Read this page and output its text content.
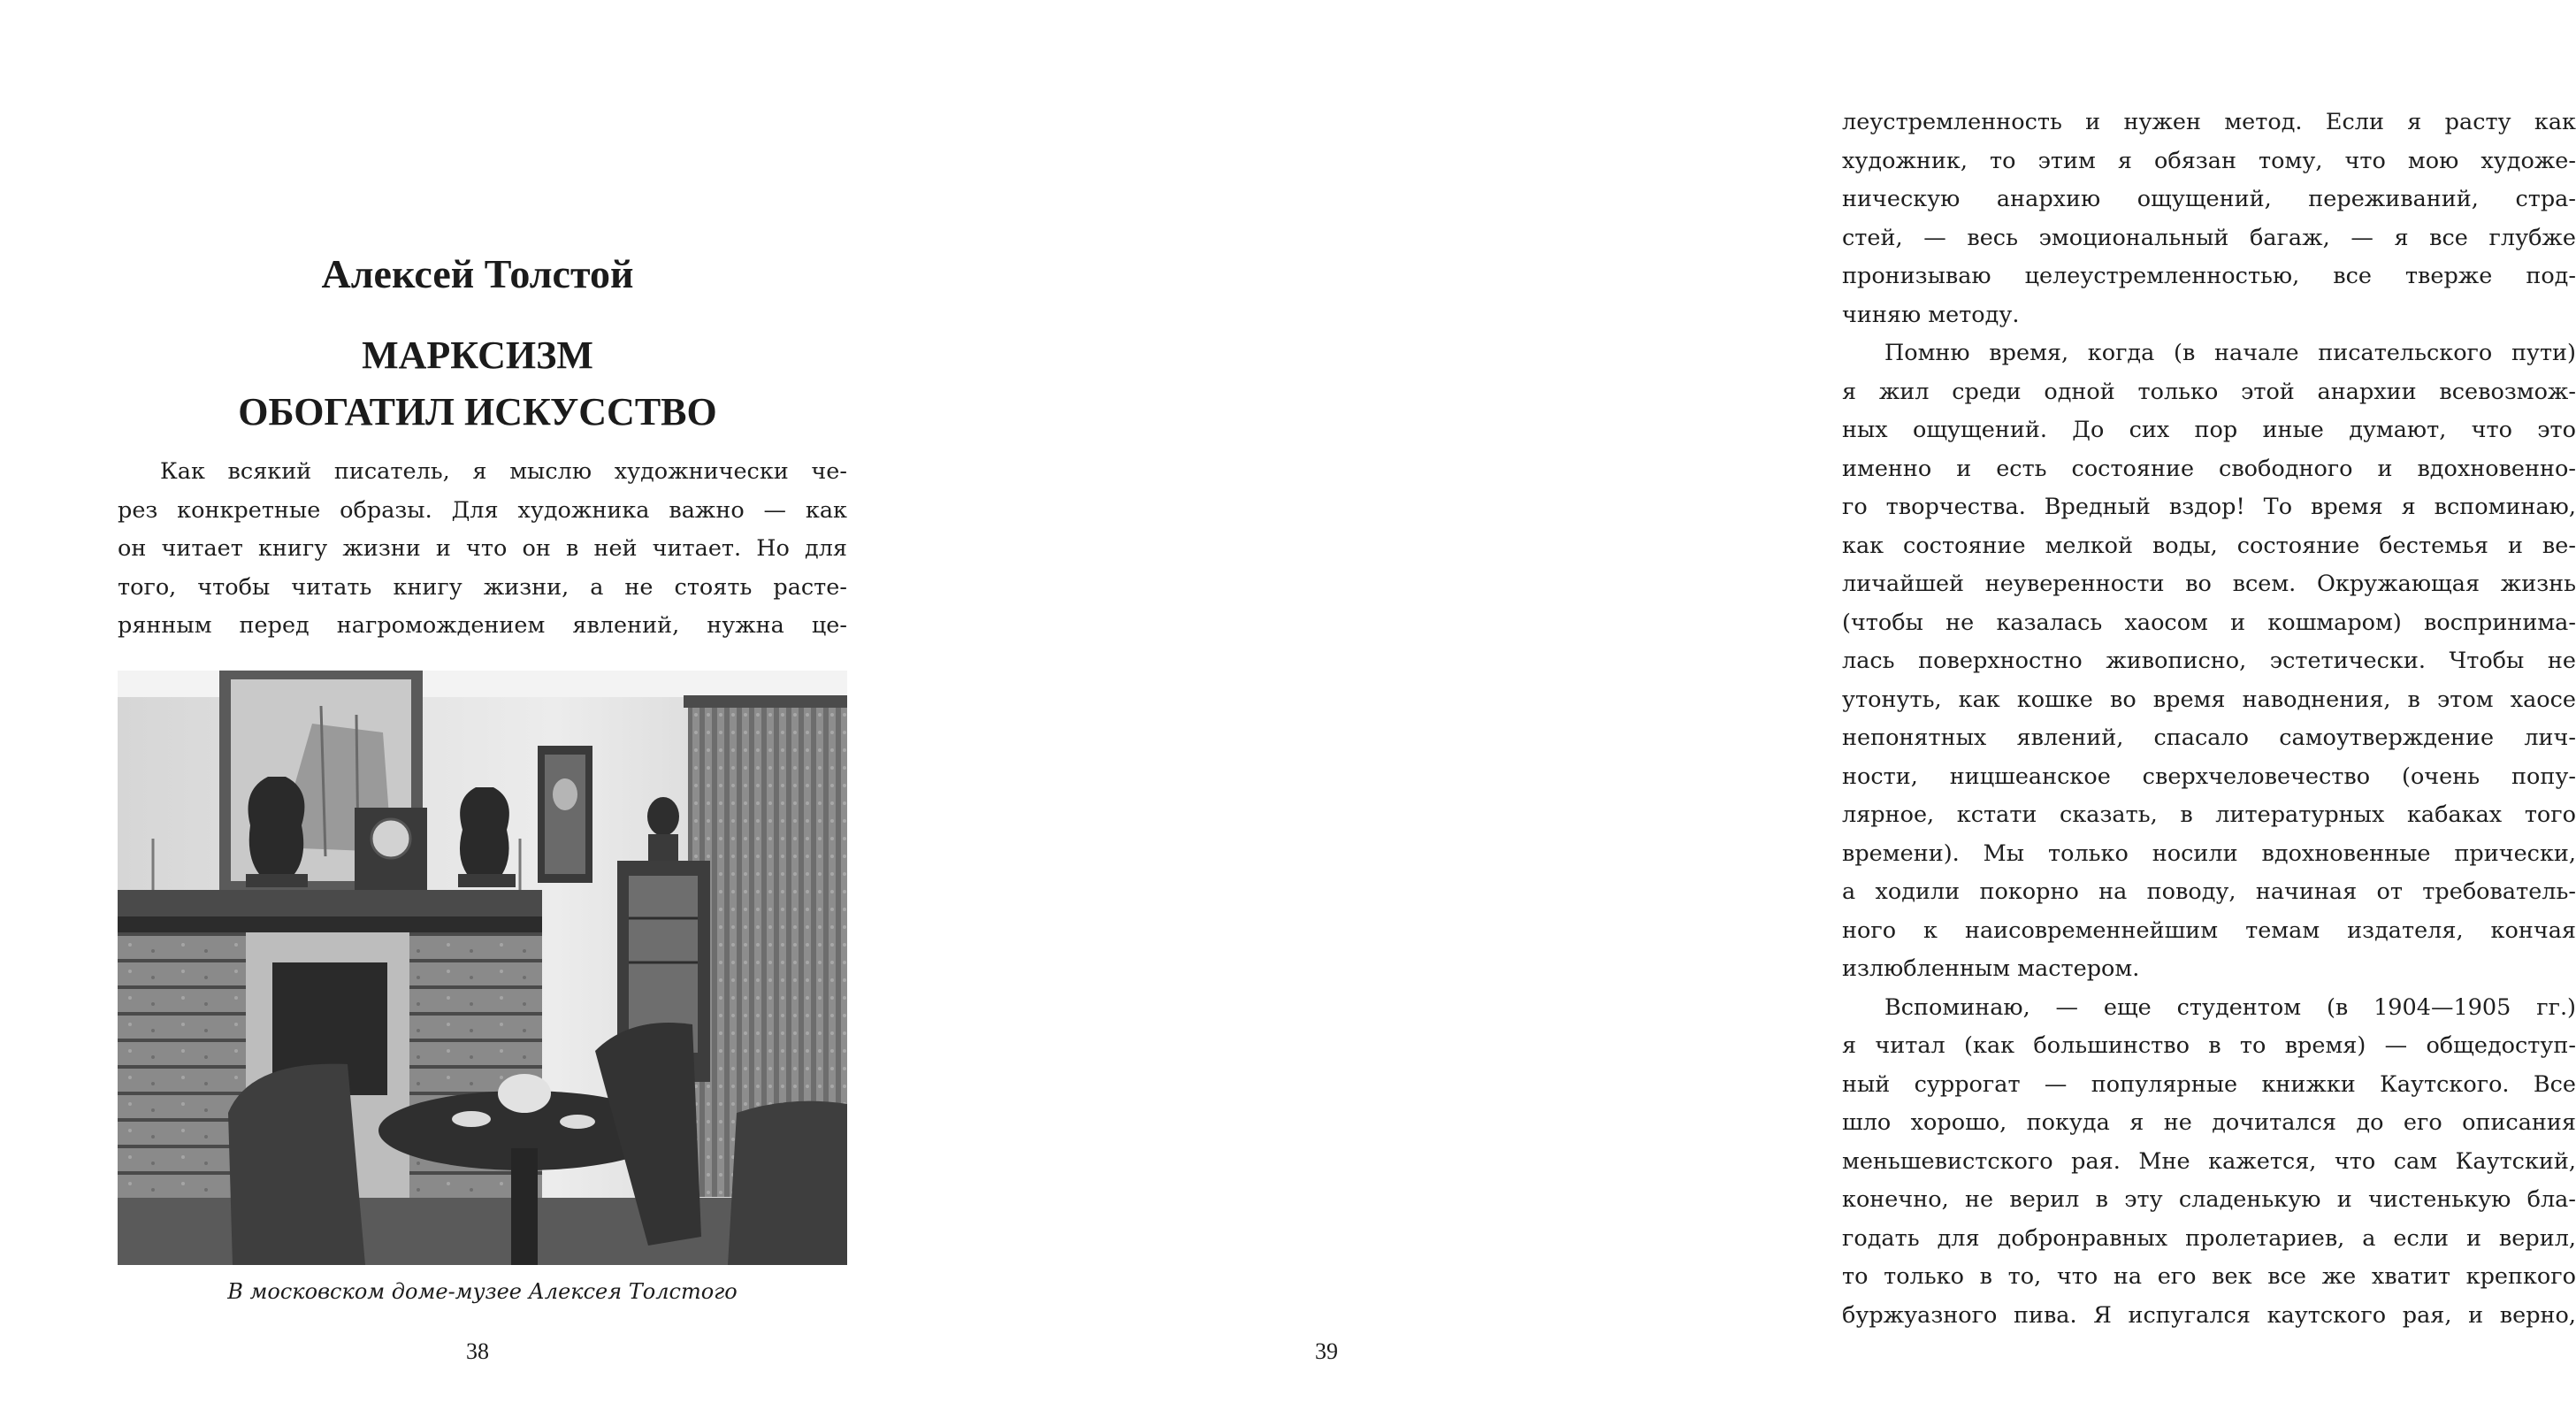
Алексей Толстой
МАРКСИЗМ
ОБОГАТИЛ ИСКУССТВО
Как всякий писатель, я мыслю художнически че-
рез конкретные образы. Для художника важно — как
он читает книгу жизни и что он в ней читает. Но для
того, чтобы читать книгу жизни, а не стоять расте-
рянным перед нагромождением явлений, нужна це-
В московском доме-музее Алексея Толстого
38
леустремленность и нужен метод. Если я расту как
художник, то этим я обязан тому, что мою художе-
ническую анархию ощущений, переживаний, стра-
стей, — весь эмоциональный багаж, — я все глубже
пронизываю целеустремленностью, все тверже под-
чиняю методу.
Помню время, когда (в начале писательского пути)
я жил среди одной только этой анархии всевозмож-
ных ощущений. До сих пор иные думают, что это
именно и есть состояние свободного и вдохновенно-
го творчества. Вредный вздор! То время я вспоминаю,
как состояние мелкой воды, состояние бестемья и ве-
личайшей неуверенности во всем. Окружающая жизнь
(чтобы не казалась хаосом и кошмаром) воспринима-
лась поверхностно живописно, эстетически. Чтобы не
утонуть, как кошке во время наводнения, в этом хаосе
непонятных явлений, спасало самоутверждение лич-
ности, ницшеанское сверхчеловечество (очень попу-
лярное, кстати сказать, в литературных кабаках того
времени). Мы только носили вдохновенные прически,
а ходили покорно на поводу, начиная от требователь-
ного к наисовременнейшим темам издателя, кончая
излюбленным мастером.
Вспоминаю, — еще студентом (в 1904—1905 гг.)
я читал (как большинство в то время) — общедоступ-
ный суррогат — популярные книжки Каутского. Все
шло хорошо, покуда я не дочитался до его описания
меньшевистского рая. Мне кажется, что сам Каутский,
конечно, не верил в эту сладенькую и чистенькую бла-
годать для добронравных пролетариев, а если и верил,
то только в то, что на его век все же хватит крепкого
буржуазного пива. Я испугался каутского рая, и верно,
39
